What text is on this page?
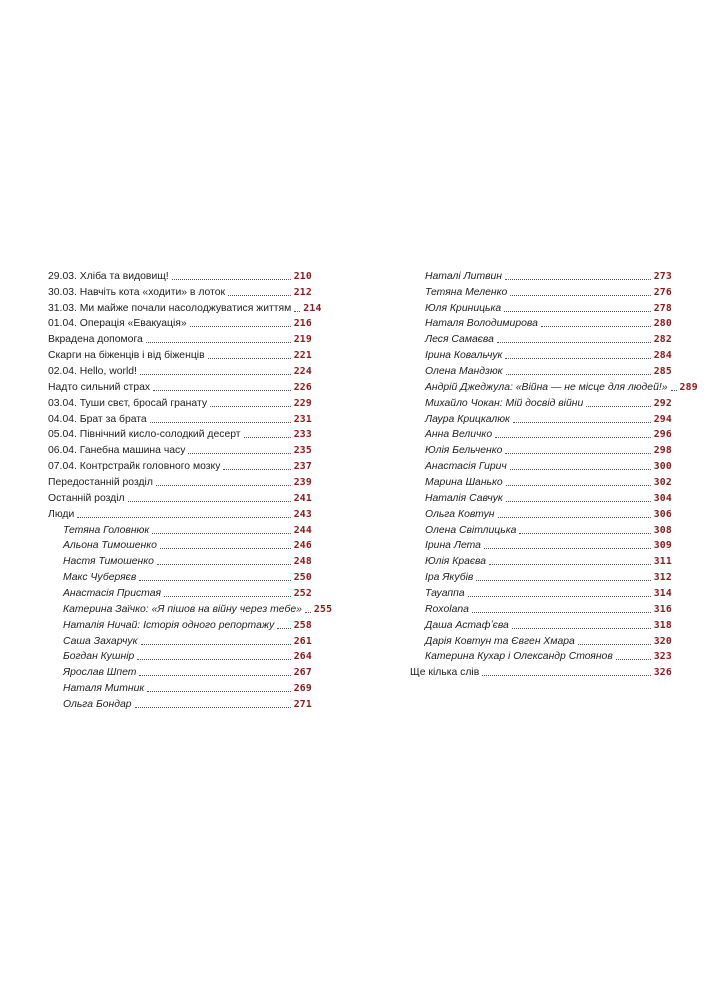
29.03. Хліба та видовищ!	210
30.03. Навчіть кота «ходити» в лоток	212
31.03. Ми майже почали насолоджуватися життям 214
01.04. Операція «Евакуація»	216
Вкрадена допомога	219
Скарги на біженців і від біженців	221
02.04. Hello, world!	224
Надто сильний страх	226
03.04. Туши свєт, бросай гранату	229
04.04. Брат за брата	231
05.04. Північний кисло-солодкий десерт	233
06.04. Ганебна машина часу	235
07.04. Контрстрайк головного мозку	237
Передостанній розділ	239
Останній розділ	241
Люди	243
Тетяна Головнюк	244
Альона Тимошенко	246
Настя Тимошенко	248
Макс Чуберяєв	250
Анастасія Пристая	252
Катерина Заїчко: «Я пішов на війну через тебе» 255
Наталія Ничай: Історія одного репортажу 258
Саша Захарчук	261
Богдан Кушнір	264
Ярослав Шпет	267
Наталя Митник	269
Ольга Бондар	271
Наталі Литвин	273
Тетяна Меленко	276
Юля Криницька	278
Наталя Володимирова	280
Леся Самаєва	282
Ірина Ковальчук	284
Олена Мандзюк	285
Андрій Джеджула: «Війна — не місце для людей!» 289
Михайло Чокан: Мій досвід війни	292
Лаура Крицкалюк	294
Анна Величко	296
Юлія Бельченко	298
Анастасія Гирич	300
Марина Шанько	302
Наталія Савчук	304
Ольга Ковтун	306
Олена Світлицька	308
Ірина Лета	309
Юлія Краєва	311
Іра Якубів	312
Тауаппа	314
Roxolana	316
Даша Астафʼєва	318
Дарія Ковтун та Євген Хмара	320
Катерина Кухар і Олександр Стоянов	323
Ще кілька слів	326
